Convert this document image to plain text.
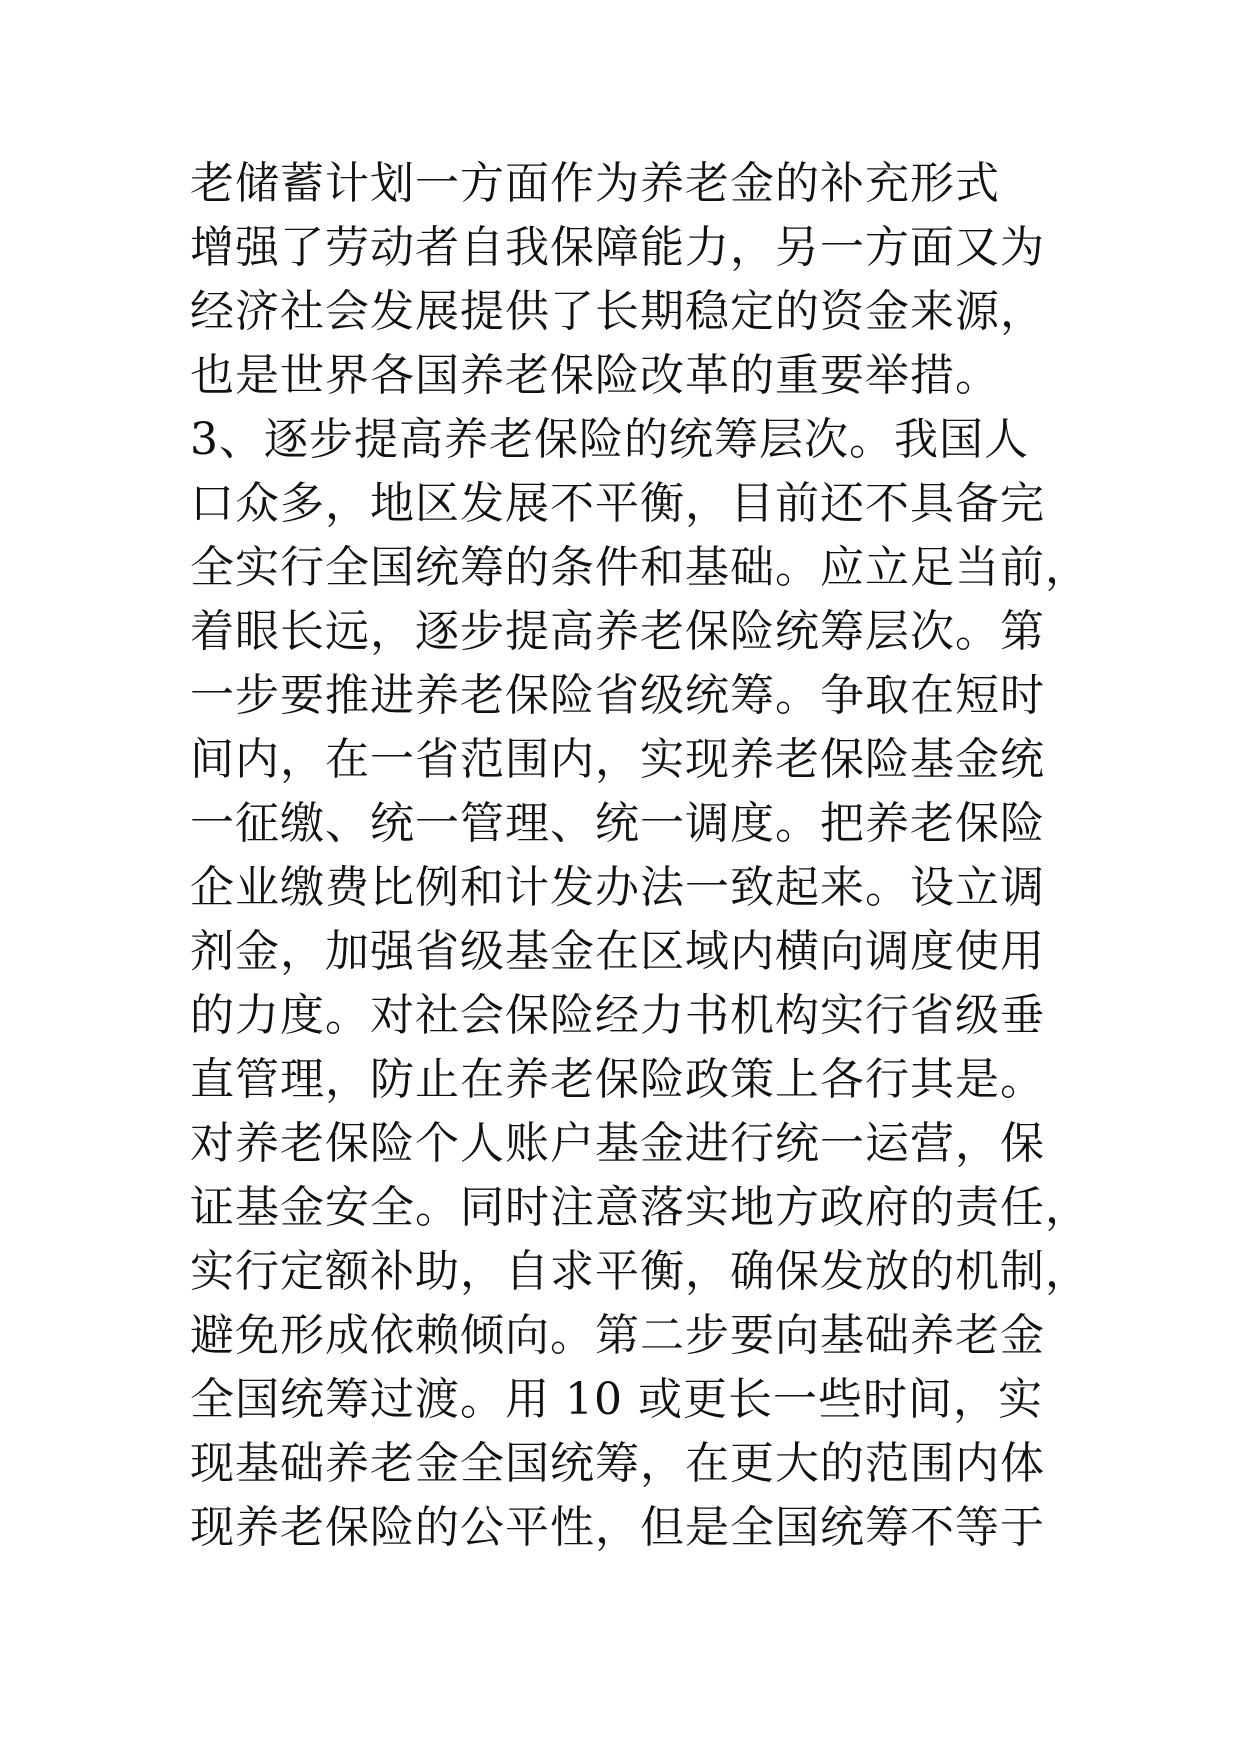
老储蓄计划一方面作为养老金的补充形式
增强了劳动者自我保障能力，另一方面又为
经济社会发展提供了长期稳定的资金来源，
也是世界各国养老保险改革的重要举措。
3、逐步提高养老保险的统筹层次。我国人
口众多，地区发展不平衡，目前还不具备完
全实行全国统筹的条件和基础。应立足当前，
着眼长远，逐步提高养老保险统筹层次。第
一步要推进养老保险省级统筹。争取在短时
间内，在一省范围内，实现养老保险基金统
一征缴、统一管理、统一调度。把养老保险
企业缴费比例和计发办法一致起来。设立调
剂金，加强省级基金在区域内横向调度使用
的力度。对社会保险经力书机构实行省级垂
直管理，防止在养老保险政策上各行其是。
对养老保险个人账户基金进行统一运营，保
证基金安全。同时注意落实地方政府的责任，
实行定额补助，自求平衡，确保发放的机制，
避免形成依赖倾向。第二步要向基础养老金
全国统筹过渡。用 10 或更长一些时间，实
现基础养老金全国统筹，在更大的范围内体
现养老保险的公平性，但是全国统筹不等于
